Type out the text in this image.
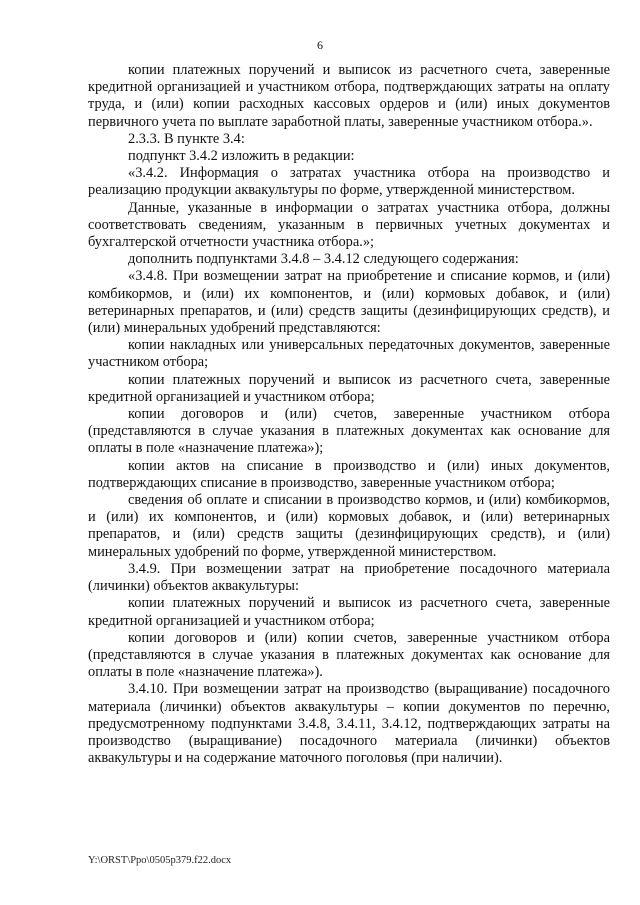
6

копии платежных поручений и выписок из расчетного счета, заверенные кредитной организацией и участником отбора, подтверждающих затраты на оплату труда, и (или) копии расходных кассовых ордеров и (или) иных документов первичного учета по выплате заработной платы, заверенные участником отбора.».

2.3.3. В пункте 3.4:

подпункт 3.4.2 изложить в редакции:

«3.4.2. Информация о затратах участника отбора на производство и реализацию продукции аквакультуры по форме, утвержденной министерством.

Данные, указанные в информации о затратах участника отбора, должны соответствовать сведениям, указанным в первичных учетных документах и бухгалтерской отчетности участника отбора.»;

дополнить подпунктами 3.4.8 – 3.4.12 следующего содержания:

«3.4.8. При возмещении затрат на приобретение и списание кормов, и (или) комбикормов, и (или) их компонентов, и (или) кормовых добавок, и (или) ветеринарных препаратов, и (или) средств защиты (дезинфицирующих средств), и (или) минеральных удобрений представляются:

копии накладных или универсальных передаточных документов, заверенные участником отбора;

копии платежных поручений и выписок из расчетного счета, заверенные кредитной организацией и участником отбора;

копии договоров и (или) счетов, заверенные участником отбора (представляются в случае указания в платежных документах как основание для оплаты в поле «назначение платежа»);

копии актов на списание в производство и (или) иных документов, подтверждающих списание в производство, заверенные участником отбора;

сведения об оплате и списании в производство кормов, и (или) комбикормов, и (или) их компонентов, и (или) кормовых добавок, и (или) ветеринарных препаратов, и (или) средств защиты (дезинфицирующих средств), и (или) минеральных удобрений по форме, утвержденной министерством.

3.4.9. При возмещении затрат на приобретение посадочного материала (личинки) объектов аквакультуры:

копии платежных поручений и выписок из расчетного счета, заверенные кредитной организацией и участником отбора;

копии договоров и (или) копии счетов, заверенные участником отбора (представляются в случае указания в платежных документах как основание для оплаты в поле «назначение платежа»).

3.4.10. При возмещении затрат на производство (выращивание) посадочного материала (личинки) объектов аквакультуры – копии документов по перечню, предусмотренному подпунктами 3.4.8, 3.4.11, 3.4.12, подтверждающих затраты на производство (выращивание) посадочного материала (личинки) объектов аквакультуры и на содержание маточного поголовья (при наличии).

Y:\ORST\Ppo\0505p379.f22.docx
